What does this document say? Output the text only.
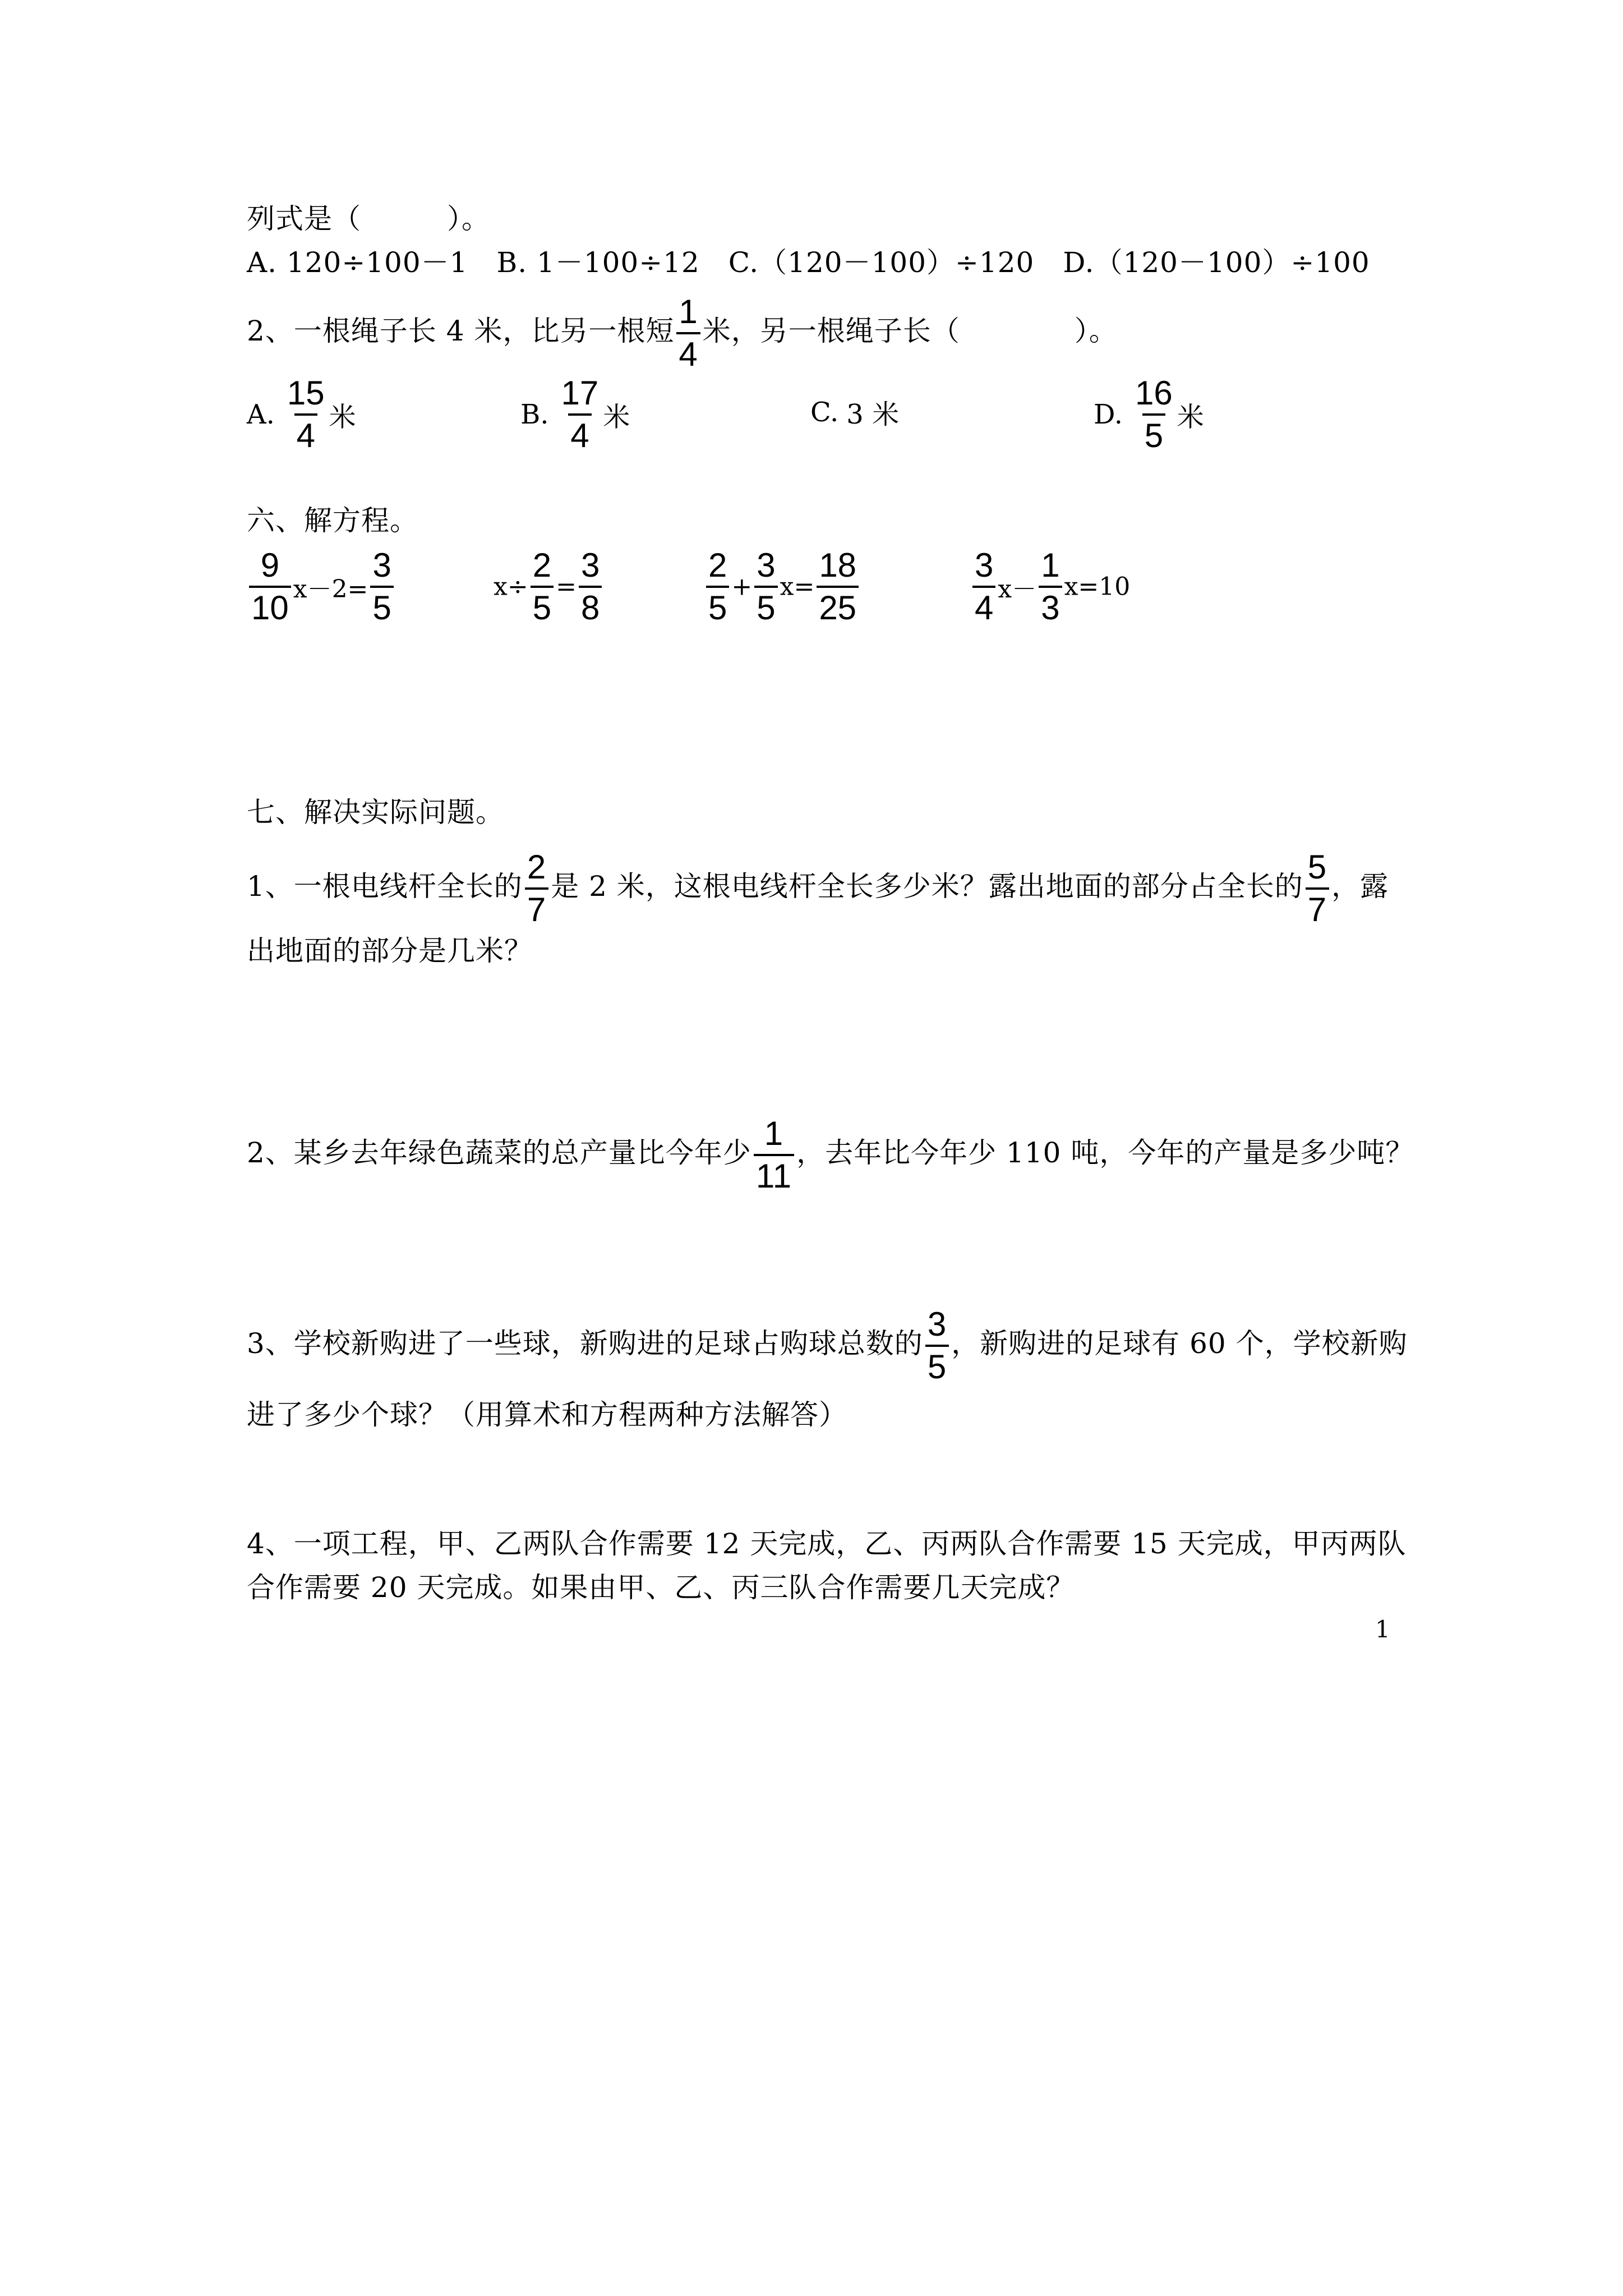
列式是（　　　）。
A. 120÷100－1　B. 1－100÷12　C.（120－100）÷120　D.（120－100）÷100
2、一根绳子长 4 米，比另一根短 $\frac{1}{4}$ 米，另一根绳子长（　　　　）。
A. $\frac{15}{4}$ 米	B. $\frac{17}{4}$ 米	C. 3 米	D. $\frac{16}{5}$ 米
六、解方程。
$\frac{9}{10} x-2= \frac{3}{5}$	$x\div \frac{2}{5} = \frac{3}{8}$	$\frac{2}{5} + \frac{3}{5} x= \frac{18}{25}$	$\frac{3}{4} x- \frac{1}{3} x=10$
七、解决实际问题。
1、一根电线杆全长的 $\frac{2}{7}$ 是 2 米，这根电线杆全长多少米？露出地面的部分占全长的 $\frac{5}{7}$ ，露
出地面的部分是几米？
2、某乡去年绿色蔬菜的总产量比今年少 $\frac{1}{11}$ ，去年比今年少 110 吨，今年的产量是多少吨？
3、学校新购进了一些球，新购进的足球占购球总数的 $\frac{3}{5}$ ，新购进的足球有 60 个，学校新购
进了多少个球？（用算术和方程两种方法解答）
4、一项工程，甲、乙两队合作需要 12 天完成，乙、丙两队合作需要 15 天完成，甲丙两队
合作需要 20 天完成。如果由甲、乙、丙三队合作需要几天完成？
1
